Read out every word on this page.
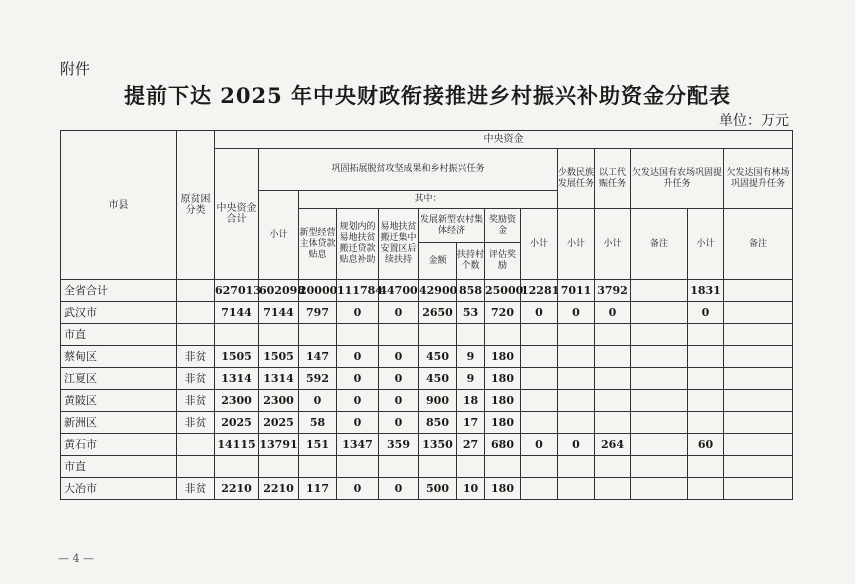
附件
提前下达 2025 年中央财政衔接推进乡村振兴补助资金分配表
单位：万元
市县	原贫困分类	中央资金													
		中央资金合计	巩固拓展脱贫攻坚成果和乡村振兴任务								少数民族发展任务	以工代赈任务	欠发达国有农场巩固提升任务		欠发达国有林场巩固提升任务
			小计	其中：											
				新型经营主体贷款贴息	规划内的易地扶贫搬迁贷款贴息补助	易地扶贫搬迁集中安置区后续扶持	发展新型农村集体经济		奖励资金	小计	小计	小计	备注	小计	备注
							金额	扶持村个数	评估奖励						
全省合计		627013	602098	20000	111784	44700	42900	858	25000	12281	7011	3792		1831	
武汉市		7144	7144	797	0	0	2650	53	720	0	0	0		0	
市直															
蔡甸区	非贫	1505	1505	147	0	0	450	9	180						
江夏区	非贫	1314	1314	592	0	0	450	9	180						
黄陂区	非贫	2300	2300	0	0	0	900	18	180						
新洲区	非贫	2025	2025	58	0	0	850	17	180						
黄石市		14115	13791	151	1347	359	1350	27	680	0	0	264		60	
市直															
大冶市	非贫	2210	2210	117	0	0	500	10	180						
— 4 —
